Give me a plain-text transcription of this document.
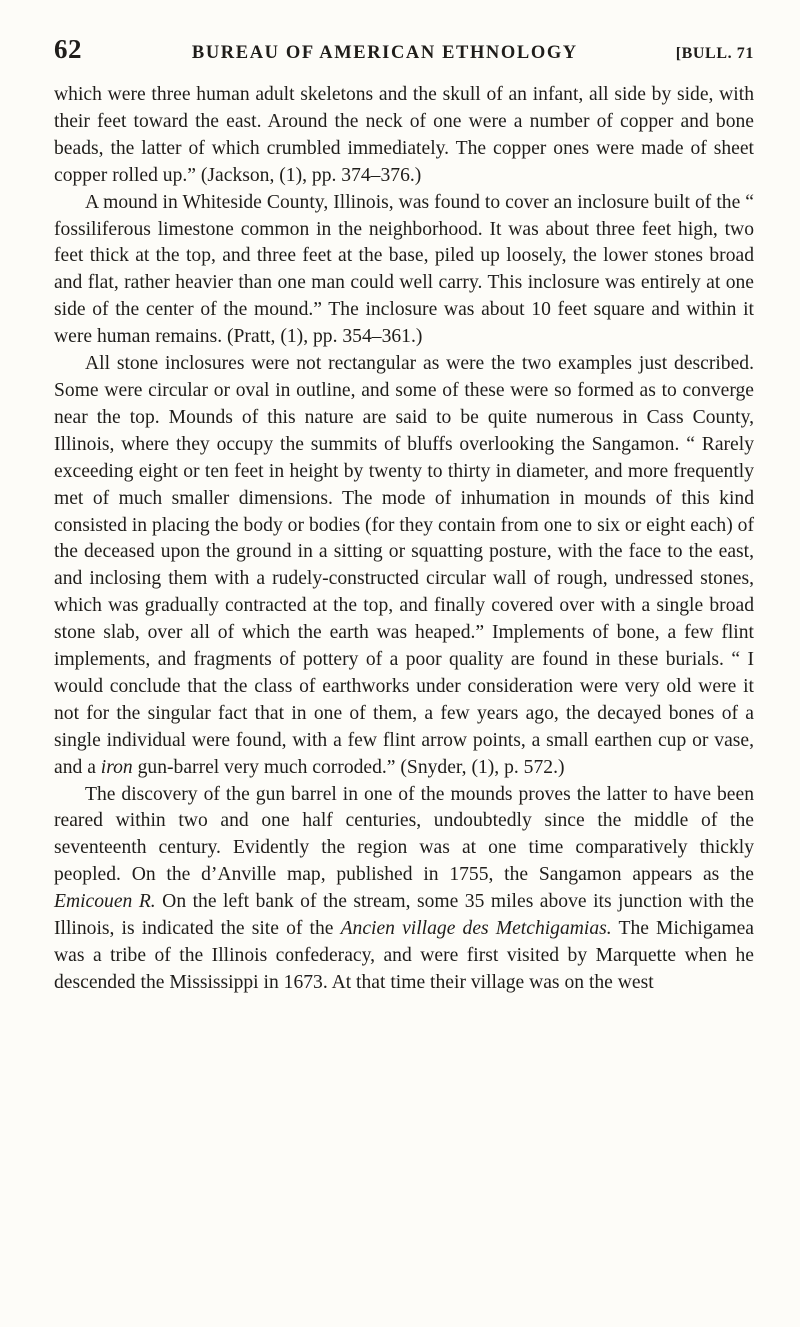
62	BUREAU OF AMERICAN ETHNOLOGY	[BULL. 71

which were three human adult skeletons and the skull of an infant, all side by side, with their feet toward the east. Around the neck of one were a number of copper and bone beads, the latter of which crumbled immediately. The copper ones were made of sheet copper rolled up.” (Jackson, (1), pp. 374–376.)

A mound in Whiteside County, Illinois, was found to cover an inclosure built of the “ fossiliferous limestone common in the neighborhood. It was about three feet high, two feet thick at the top, and three feet at the base, piled up loosely, the lower stones broad and flat, rather heavier than one man could well carry. This inclosure was entirely at one side of the center of the mound.” The inclosure was about 10 feet square and within it were human remains. (Pratt, (1), pp. 354–361.)

All stone inclosures were not rectangular as were the two examples just described. Some were circular or oval in outline, and some of these were so formed as to converge near the top. Mounds of this nature are said to be quite numerous in Cass County, Illinois, where they occupy the summits of bluffs overlooking the Sangamon. “ Rarely exceeding eight or ten feet in height by twenty to thirty in diameter, and more frequently met of much smaller dimensions. The mode of inhumation in mounds of this kind consisted in placing the body or bodies (for they contain from one to six or eight each) of the deceased upon the ground in a sitting or squatting posture, with the face to the east, and inclosing them with a rudely-constructed circular wall of rough, undressed stones, which was gradually contracted at the top, and finally covered over with a single broad stone slab, over all of which the earth was heaped.” Implements of bone, a few flint implements, and fragments of pottery of a poor quality are found in these burials. “ I would conclude that the class of earthworks under consideration were very old were it not for the singular fact that in one of them, a few years ago, the decayed bones of a single individual were found, with a few flint arrow points, a small earthen cup or vase, and a iron gun-barrel very much corroded.” (Snyder, (1), p. 572.)

The discovery of the gun barrel in one of the mounds proves the latter to have been reared within two and one half centuries, undoubtedly since the middle of the seventeenth century. Evidently the region was at one time comparatively thickly peopled. On the d’Anville map, published in 1755, the Sangamon appears as the Emicouen R. On the left bank of the stream, some 35 miles above its junction with the Illinois, is indicated the site of the Ancien village des Metchigamias. The Michigamea was a tribe of the Illinois confederacy, and were first visited by Marquette when he descended the Mississippi in 1673. At that time their village was on the west
